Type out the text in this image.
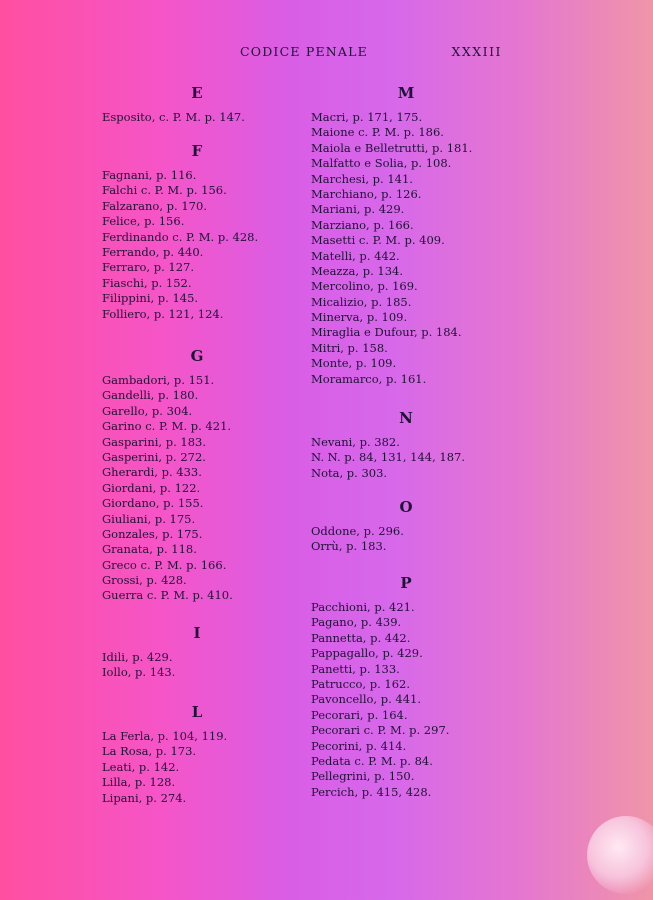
CODICE PENALE	XXXIII
E
Esposito, c. P. M. p. 147.
F
Fagnani, p. 116.
Falchi c. P. M. p. 156.
Falzarano, p. 170.
Felice, p. 156.
Ferdinando c. P. M. p. 428.
Ferrando, p. 440.
Ferraro, p. 127.
Fiaschi, p. 152.
Filippini, p. 145.
Folliero, p. 121, 124.
G
Gambadori, p. 151.
Gandelli, p. 180.
Garello, p. 304.
Garino c. P. M. p. 421.
Gasparini, p. 183.
Gasperini, p. 272.
Gherardi, p. 433.
Giordani, p. 122.
Giordano, p. 155.
Giuliani, p. 175.
Gonzales, p. 175.
Granata, p. 118.
Greco c. P. M. p. 166.
Grossi, p. 428.
Guerra c. P. M. p. 410.
I
Idili, p. 429.
Iollo, p. 143.
L
La Ferla, p. 104, 119.
La Rosa, p. 173.
Leati, p. 142.
Lilla, p. 128.
Lipani, p. 274.
M
Macri, p. 171, 175.
Maione c. P. M. p. 186.
Maiola e Belletrutti, p. 181.
Malfatto e Solia, p. 108.
Marchesi, p. 141.
Marchiano, p. 126.
Mariani, p. 429.
Marziano, p. 166.
Masetti c. P. M. p. 409.
Matelli, p. 442.
Meazza, p. 134.
Mercolino, p. 169.
Micalizio, p. 185.
Minerva, p. 109.
Miraglia e Dufour, p. 184.
Mitri, p. 158.
Monte, p. 109.
Moramarco, p. 161.
N
Nevani, p. 382.
N. N. p. 84, 131, 144, 187.
Nota, p. 303.
O
Oddone, p. 296.
Orrù, p. 183.
P
Pacchioni, p. 421.
Pagano, p. 439.
Pannetta, p. 442.
Pappagallo, p. 429.
Panetti, p. 133.
Patrucco, p. 162.
Pavoncello, p. 441.
Pecorari, p. 164.
Pecorari c. P. M. p. 297.
Pecorini, p. 414.
Pedata c. P. M. p. 84.
Pellegrini, p. 150.
Percich, p. 415, 428.
